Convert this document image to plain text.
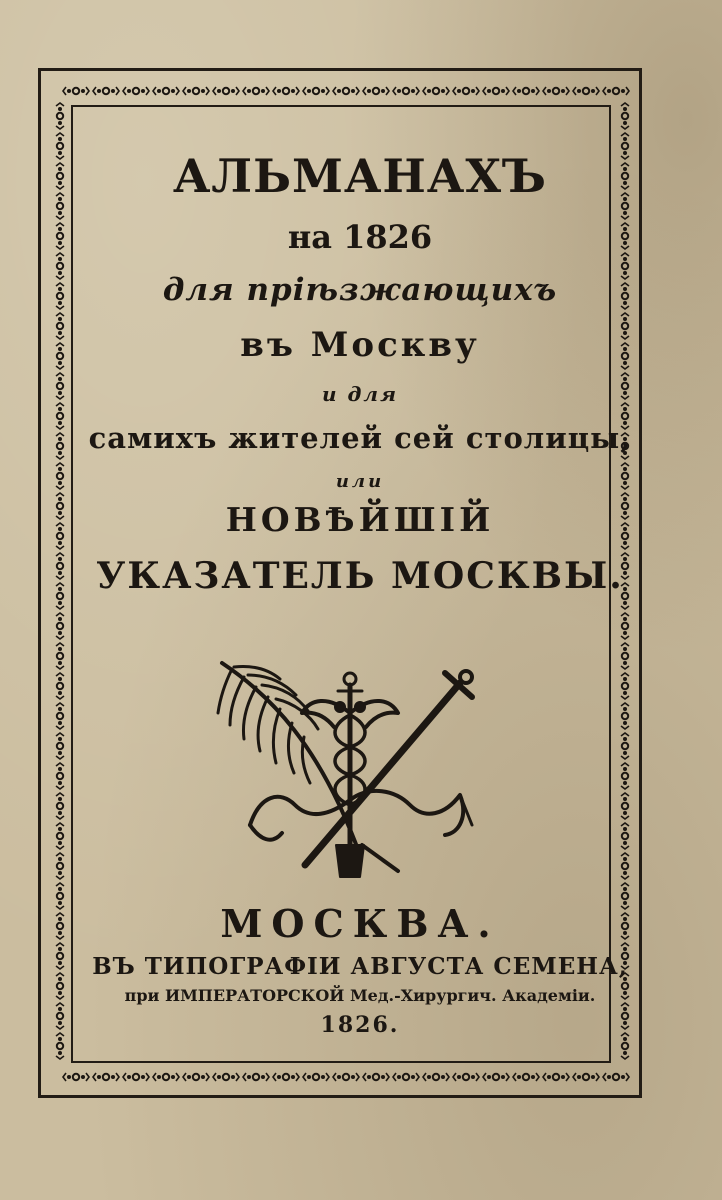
АЛЬМАНАХЪ
на 1826
для пріѣзжающихъ
въ Москву
и для
самихъ жителей сей столицы,
или
НОВѢЙШІЙ
УКАЗАТЕЛЬ МОСКВЫ.
МОСКВА.
ВЪ ТИПОГРАФІИ АВГУСТА СЕМЕНА,
при ИМПЕРАТОРСКОЙ Мед.-Хирургич. Академіи.
1826.
